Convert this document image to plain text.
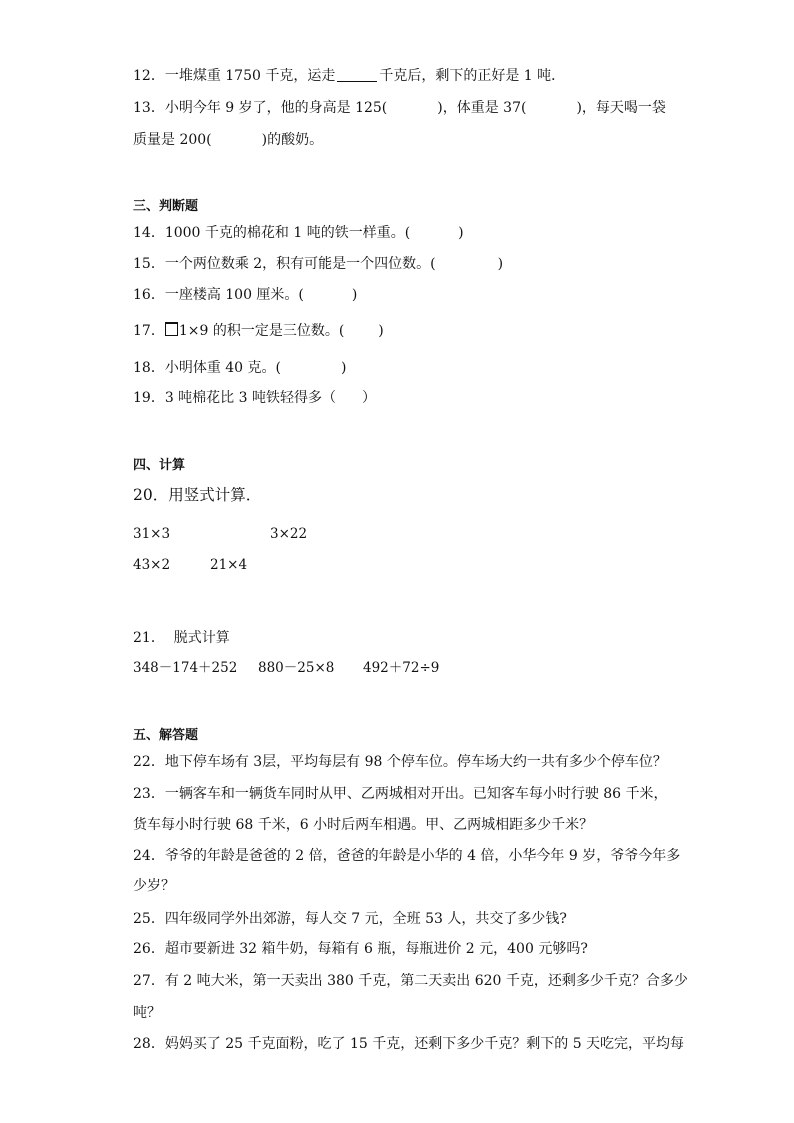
12．一堆煤重 1750 千克，运走	千克后，剩下的正好是 1 吨．
13．小明今年 9 岁了，他的身高是 125(	)，体重是 37(	)，每天喝一袋
质量是 200(	)的酸奶。
三、判断题
14．1000 千克的棉花和 1 吨的铁一样重。(	)
15．一个两位数乘 2，积有可能是一个四位数。(	)
16．一座楼高 100 厘米。(	)
17． 1×9 的积一定是三位数。( )
18．小明体重 40 克。(	)
19．3 吨棉花比 3 吨铁轻得多（ ）
四、计算
20．用竖式计算．
31×3	3×22
43×2	21×4
21．  脱式计算
348－174＋252 880－25×8 492＋72÷9
五、解答题
22．地下停车场有 3层，平均每层有 98 个停车位。停车场大约一共有多少个停车位？
23．一辆客车和一辆货车同时从甲、乙两城相对开出。已知客车每小时行驶 86 千米，
货车每小时行驶 68 千米，6 小时后两车相遇。甲、乙两城相距多少千米？
24．爷爷的年龄是爸爸的 2 倍，爸爸的年龄是小华的 4 倍，小华今年 9 岁，爷爷今年多
少岁？
25．四年级同学外出郊游，每人交 7 元，全班 53 人，共交了多少钱?
26．超市要新进 32 箱牛奶，每箱有 6 瓶，每瓶进价 2 元，400 元够吗?
27．有 2 吨大米，第一天卖出 380 千克，第二天卖出 620 千克，还剩多少千克？合多少
吨？
28．妈妈买了 25 千克面粉，吃了 15 千克，还剩下多少千克？剩下的 5 天吃完，平均每
